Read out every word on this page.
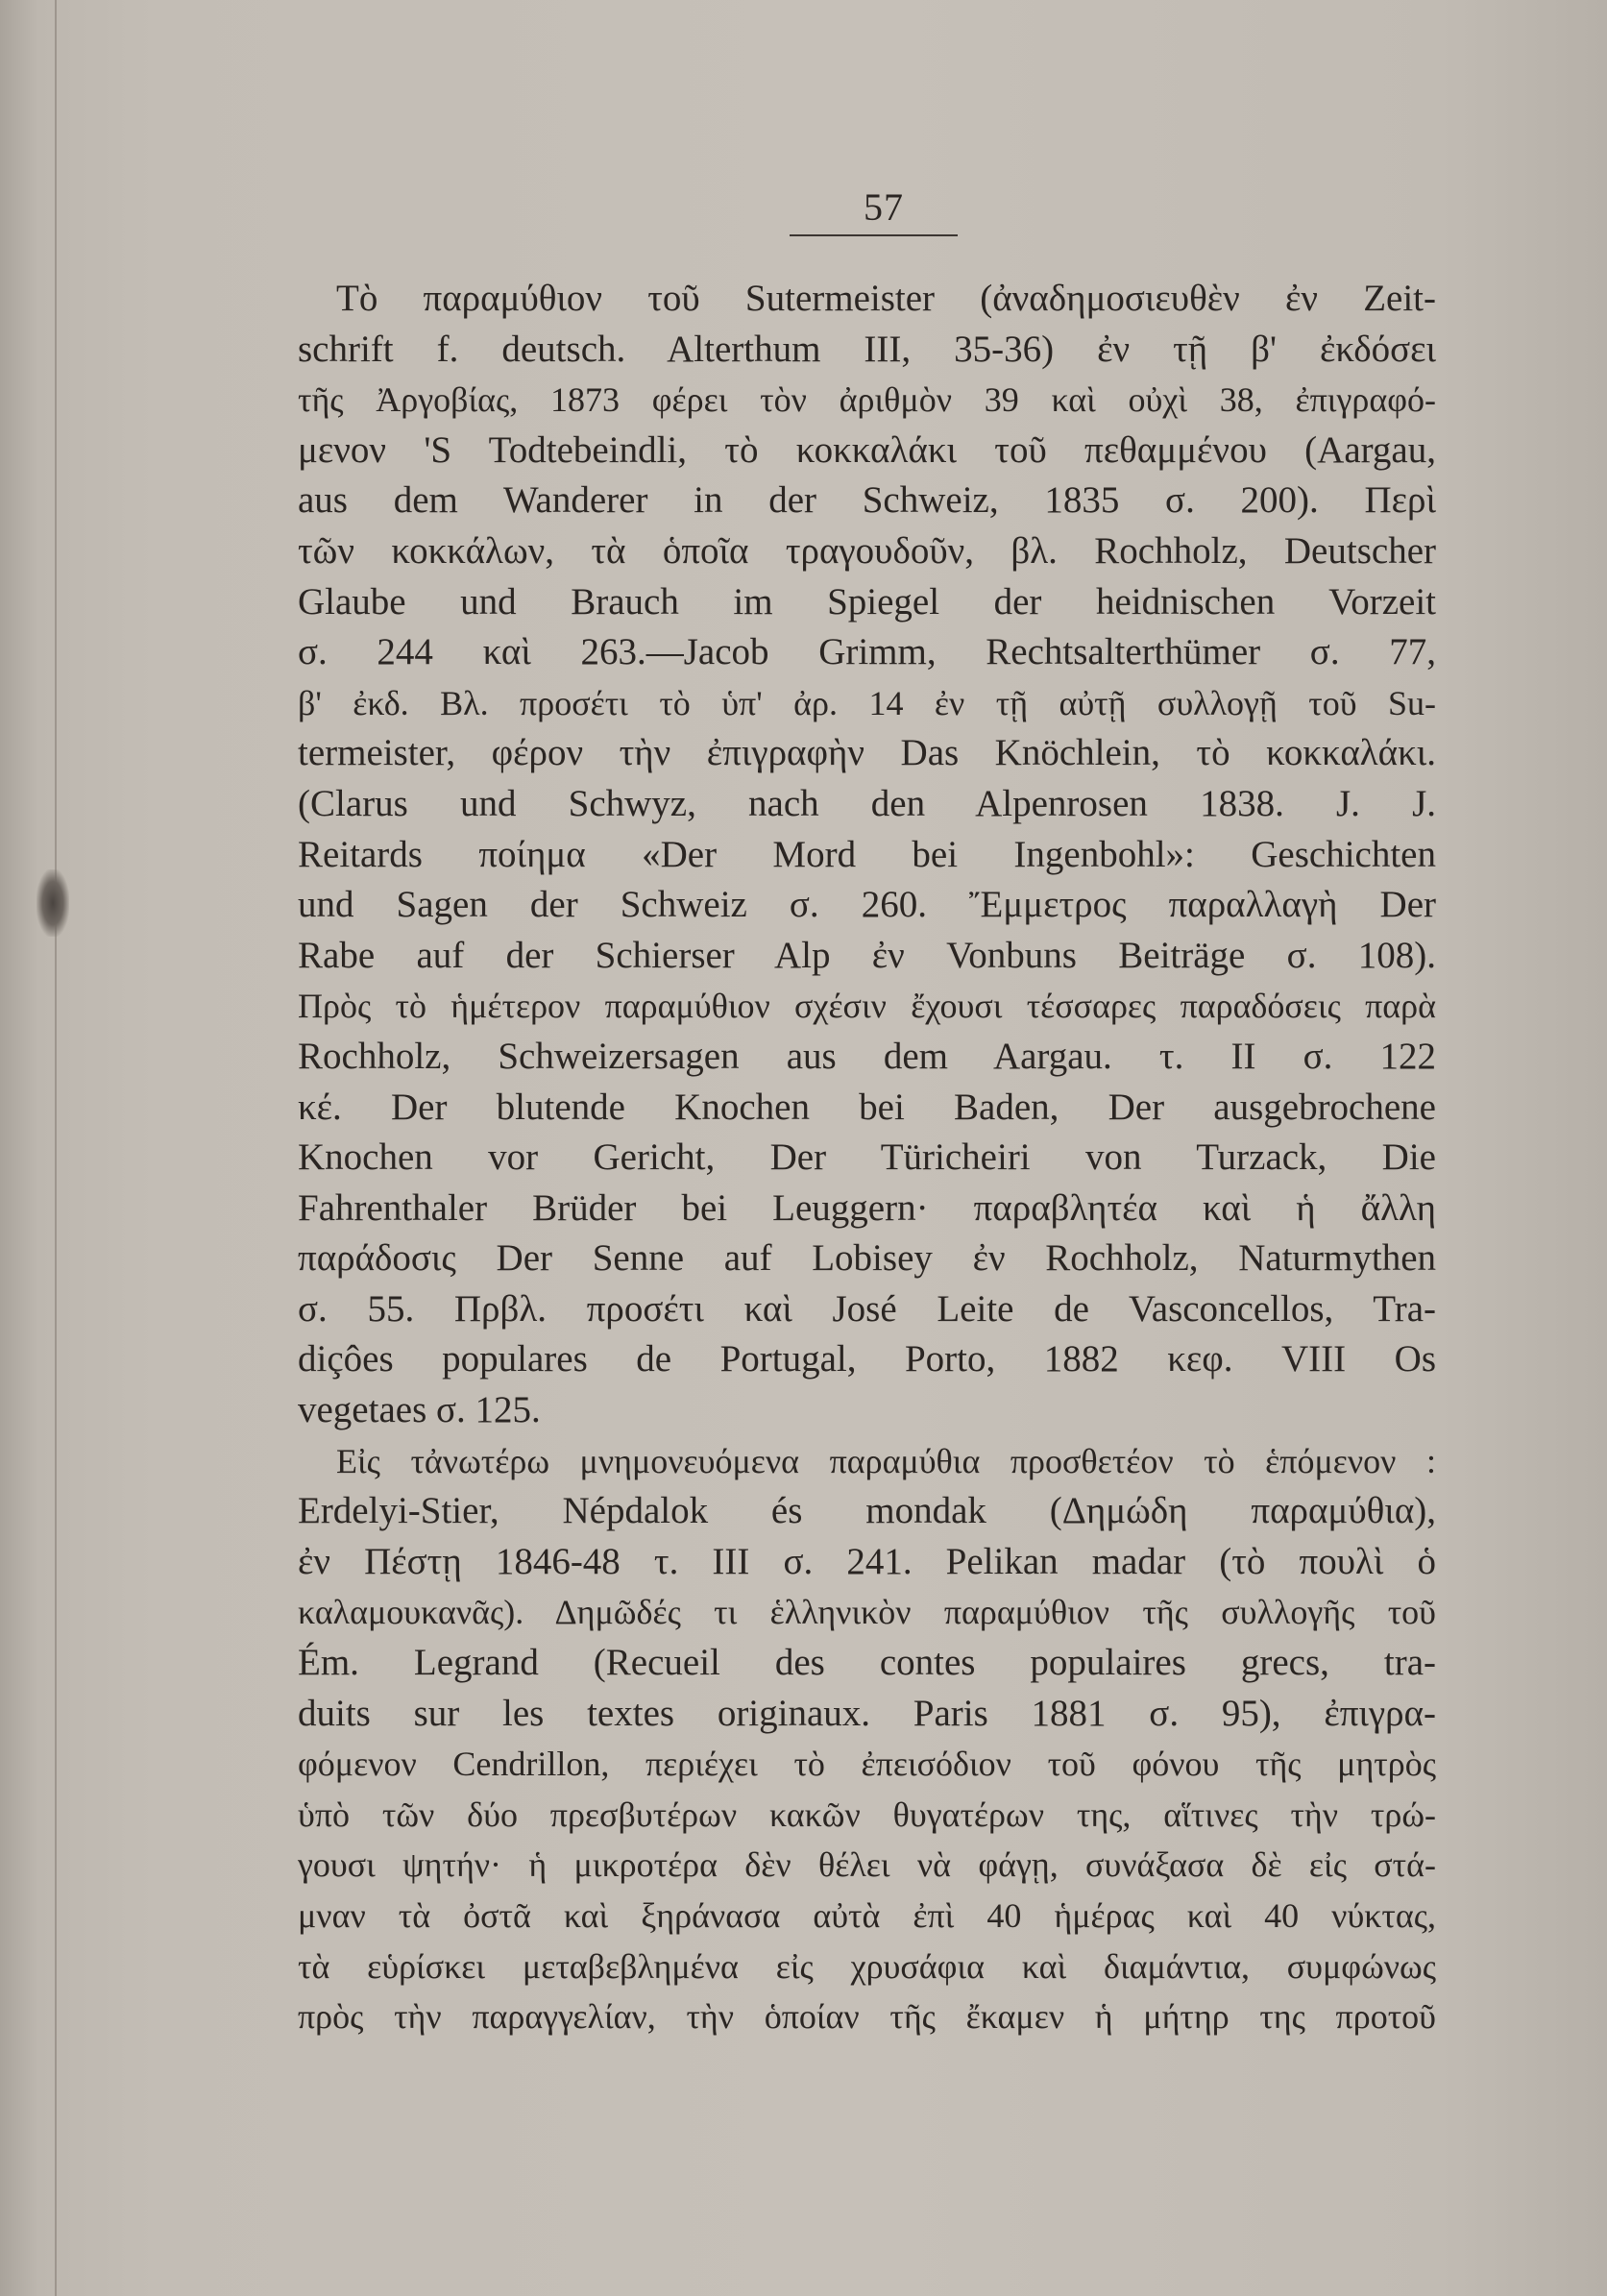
57
Τὸ παραμύθιον τοῦ Sutermeister (ἀναδημοσιευθὲν ἐν Zeit-
schrift f. deutsch. Alterthum III, 35-36) ἐν τῇ β' ἐκδόσει
τῆς Ἀργοβίας, 1873 φέρει τὸν ἀριθμὸν 39 καὶ οὐχὶ 38, ἐπιγραφό-
μενον 'S Todtebeindli, τὸ κοκκαλάκι τοῦ πεθαμμένου (Aargau,
aus dem Wanderer in der Schweiz, 1835 σ. 200). Περὶ
τῶν κοκκάλων, τὰ ὁποῖα τραγουδοῦν, βλ. Rochholz, Deutscher
Glaube und Brauch im Spiegel der heidnischen Vorzeit
σ. 244 καὶ 263.—Jacob Grimm, Rechtsalterthümer σ. 77,
β' ἐκδ. Βλ. προσέτι τὸ ὑπ' ἀρ. 14 ἐν τῇ αὐτῇ συλλογῇ τοῦ Su-
termeister, φέρον τὴν ἐπιγραφὴν Das Knöchlein, τὸ κοκκαλάκι.
(Clarus und Schwyz, nach den Alpenrosen 1838. J. J.
Reitards ποίημα «Der Mord bei Ingenbohl»: Geschichten
und Sagen der Schweiz σ. 260. Ἔμμετρος παραλλαγὴ Der
Rabe auf der Schierser Alp ἐν Vonbuns Beiträge σ. 108).
Πρὸς τὸ ἡμέτερον παραμύθιον σχέσιν ἔχουσι τέσσαρες παραδόσεις παρὰ
Rochholz, Schweizersagen aus dem Aargau. τ. II σ. 122
κέ. Der blutende Knochen bei Baden, Der ausgebrochene
Knochen vor Gericht, Der Türicheiri von Turzack, Die
Fahrenthaler Brüder bei Leuggern· παραβλητέα καὶ ἡ ἄλλη
παράδοσις Der Senne auf Lobisey ἐν Rochholz, Naturmythen
σ. 55. Πρβλ. προσέτι καὶ José Leite de Vasconcellos, Tra-
diçôes populares de Portugal, Porto, 1882 κεφ. VIII Os
vegetaes σ. 125.
Εἰς τἀνωτέρω μνημονευόμενα παραμύθια προσθετέον τὸ ἑπόμενον :
Erdelyi-Stier, Népdalok és mondak (Δημώδη παραμύθια),
ἐν Πέστῃ 1846-48 τ. III σ. 241. Pelikan madar (τὸ πουλὶ ὁ
καλαμουκανᾶς). Δημῶδές τι ἑλληνικὸν παραμύθιον τῆς συλλογῆς τοῦ
Ém. Legrand (Recueil des contes populaires grecs, tra-
duits sur les textes originaux. Paris 1881 σ. 95), ἐπιγρα-
φόμενον Cendrillon, περιέχει τὸ ἐπεισόδιον τοῦ φόνου τῆς μητρὸς
ὑπὸ τῶν δύο πρεσβυτέρων κακῶν θυγατέρων της, αἵτινες τὴν τρώ-
γουσι ψητήν· ἡ μικροτέρα δὲν θέλει νὰ φάγῃ, συνάξασα δὲ εἰς στά-
μναν τὰ ὀστᾶ καὶ ξηράνασα αὐτὰ ἐπὶ 40 ἡμέρας καὶ 40 νύκτας,
τὰ εὑρίσκει μεταβεβλημένα εἰς χρυσάφια καὶ διαμάντια, συμφώνως
πρὸς τὴν παραγγελίαν, τὴν ὁποίαν τῆς ἔκαμεν ἡ μήτηρ της προτοῦ
